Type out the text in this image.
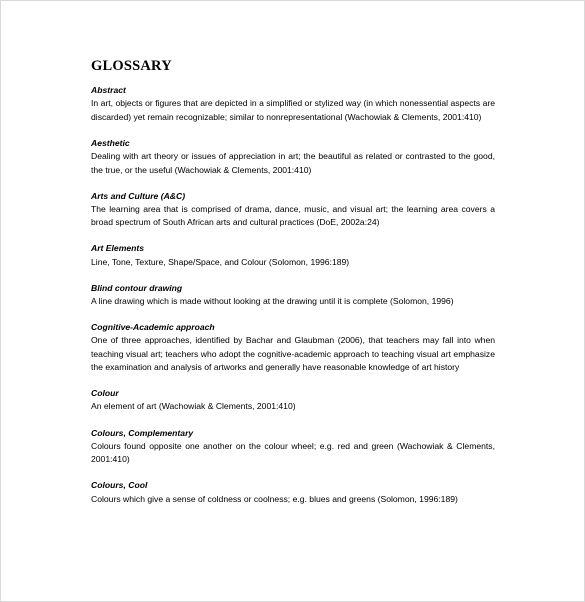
GLOSSARY

Abstract

In art, objects or figures that are depicted in a simplified or stylized way (in which nonessential aspects are discarded) yet remain recognizable; similar to nonrepresentational (Wachowiak & Clements, 2001:410)

Aesthetic

Dealing with art theory or issues of appreciation in art; the beautiful as related or contrasted to the good, the true, or the useful (Wachowiak & Clements, 2001:410)

Arts and Culture (A&C)

The learning area that is comprised of drama, dance, music, and visual art; the learning area covers a broad spectrum of South African arts and cultural practices (DoE, 2002a:24)

Art Elements

Line, Tone, Texture, Shape/Space, and Colour (Solomon, 1996:189)

Blind contour drawing

A line drawing which is made without looking at the drawing until it is complete (Solomon, 1996)

Cognitive-Academic approach

One of three approaches, identified by Bachar and Glaubman (2006), that teachers may fall into when teaching visual art; teachers who adopt the cognitive-academic approach to teaching visual art emphasize the examination and analysis of artworks and generally have reasonable knowledge of art history

Colour

An element of art (Wachowiak & Clements, 2001:410)

Colours, Complementary

Colours found opposite one another on the colour wheel; e.g. red and green (Wachowiak & Clements, 2001:410)

Colours, Cool

Colours which give a sense of coldness or coolness; e.g. blues and greens (Solomon, 1996:189)
